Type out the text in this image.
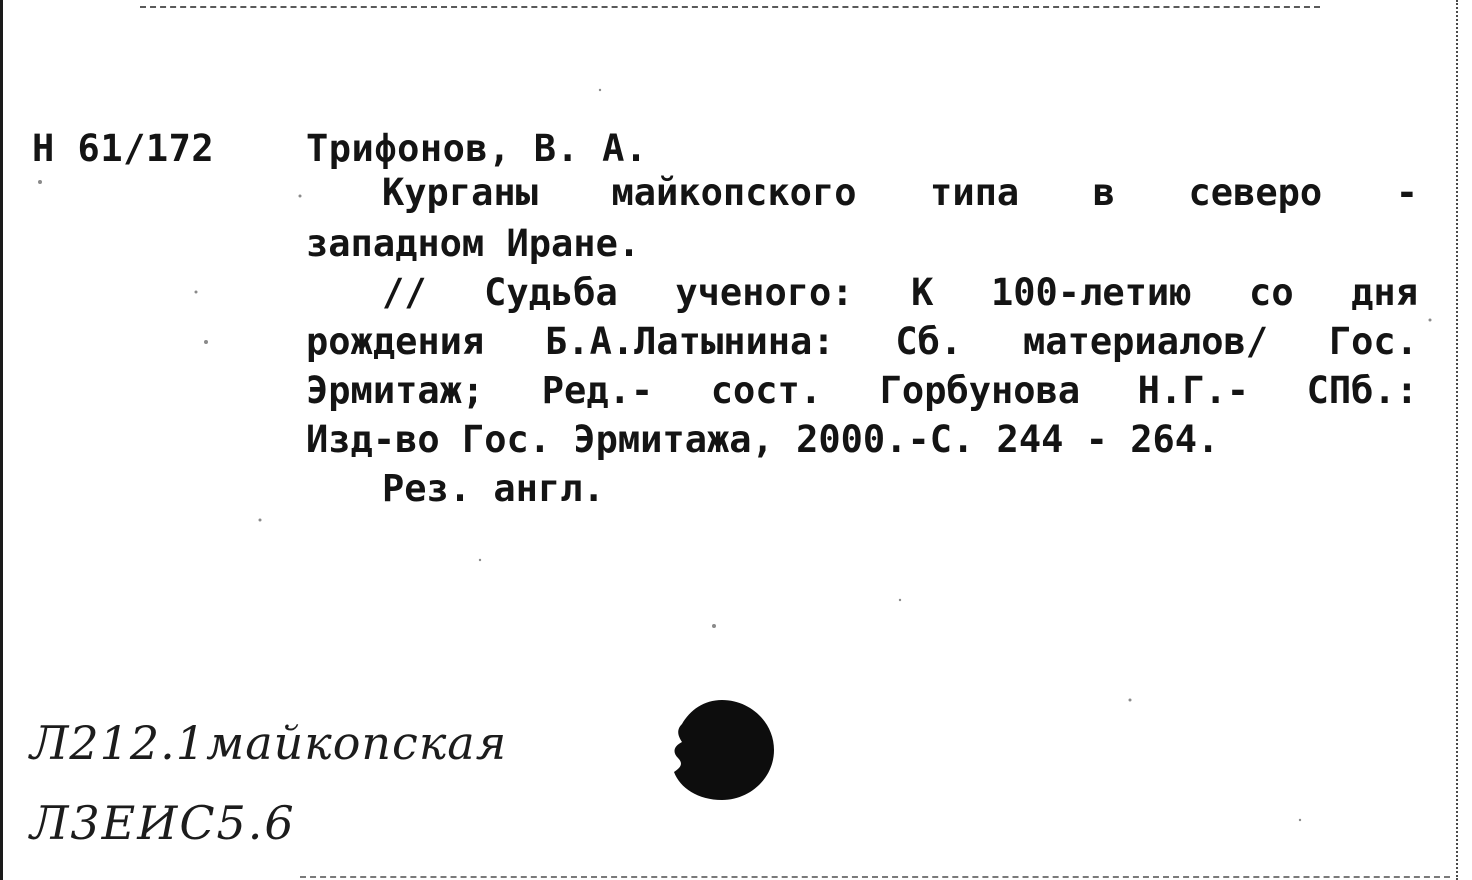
Н 61/172 Трифонов, В. А.
Курганы майкопского типа в северо -
западном Иране.
// Судьба ученого: К 100-летию со дня
рождения Б.А.Латынина: Сб. материалов/ Гос.
Эрмитаж; Ред.- сост. Горбунова Н.Г.- СПб.:
Изд-во Гос. Эрмитажа, 2000.-С. 244 - 264.
Рез. англ.
Л212.1майкопская
Л3ЕИС5.6
